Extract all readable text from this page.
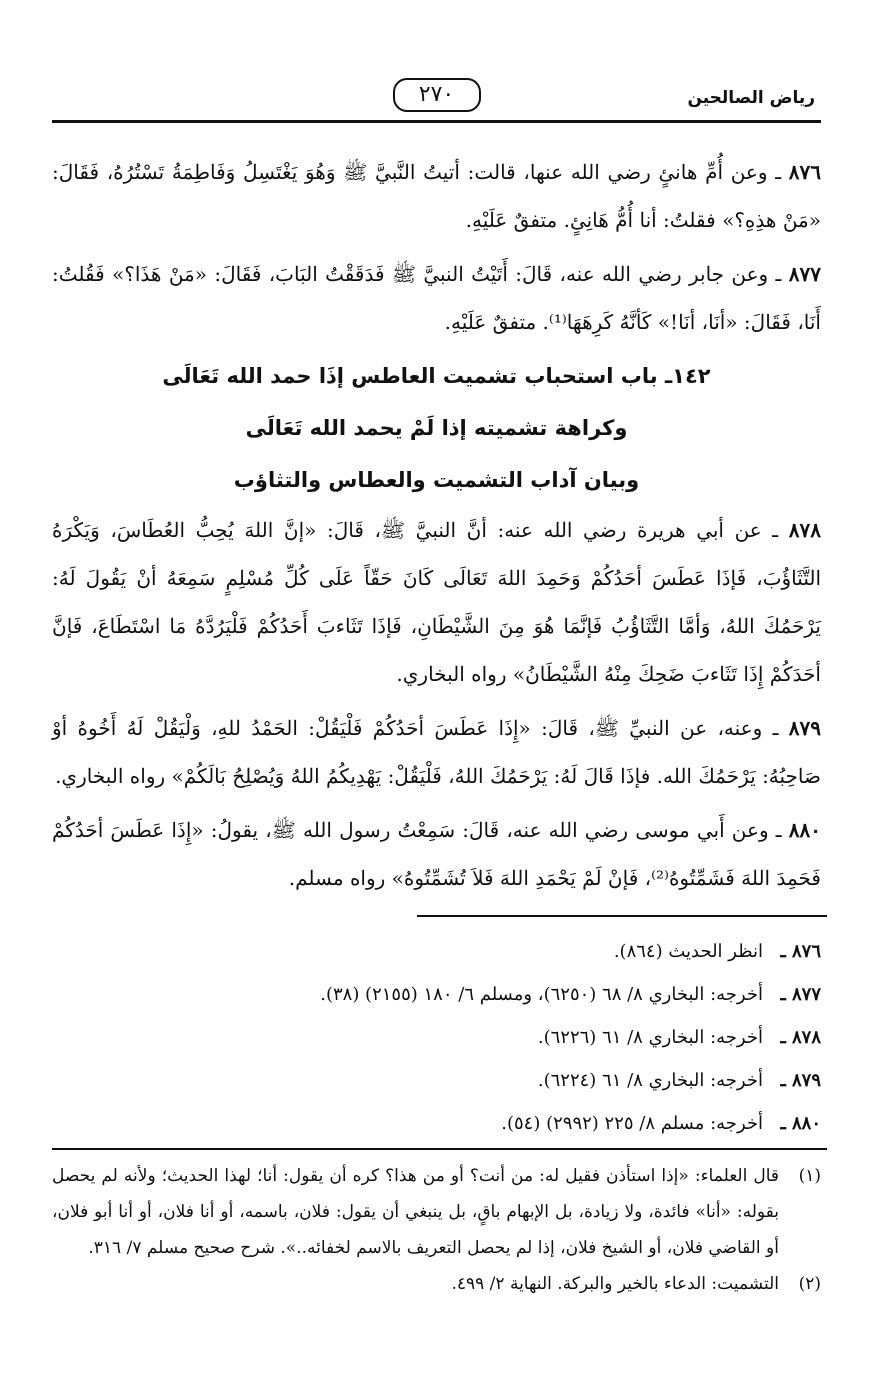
رياض الصالحين
٢٧٠

٨٧٦ ـ وعن أُمِّ هانئٍ رضي الله عنها، قالت: أتيتُ النَّبيَّ ﷺ وَهُوَ يَغْتَسِلُ وَفَاطِمَةُ تَسْتُرُهُ، فَقَالَ: «مَنْ هذِهِ؟» فقلتُ: أنا أُمُّ هَانِئٍ. متفقٌ عَلَيْهِ.

٨٧٧ ـ وعن جابر رضي الله عنه، قَالَ: أَتَيْتُ النبيَّ ﷺ فَدَقَقْتُ البَابَ، فَقَالَ: «مَنْ هَذَا؟» فَقُلتُ: أَنَا، فَقَالَ: «أنَا، أنَا!» كَأنَّهُ كَرِهَهَا⁽¹⁾. متفقٌ عَلَيْهِ.

١٤٢ـ باب استحباب تشميت العاطس إذَا حمد الله تَعَالَى
وكراهة تشميته إذا لَمْ يحمد الله تَعَالَى
وبيان آداب التشميت والعطاس والتثاؤب

٨٧٨ ـ عن أبي هريرة رضي الله عنه: أنَّ النبيَّ ﷺ، قَالَ: «إنَّ اللهَ يُحِبُّ العُطَاسَ، وَيَكْرَهُ التَّثَاؤُبَ، فَإذَا عَطَسَ أحَدُكُمْ وَحَمِدَ اللهَ تَعَالَى كَانَ حَقّاً عَلَى كُلِّ مُسْلِمٍ سَمِعَهُ أنْ يَقُولَ لَهُ: يَرْحَمُكَ اللهُ، وَأمَّا التَّثَاؤُبُ فَإنَّمَا هُوَ مِنَ الشَّيْطَانِ، فَإذَا تَثَاءبَ أَحَدُكُمْ فَلْيَرُدَّهُ مَا اسْتَطَاعَ، فَإنَّ أحَدَكُمْ إِذَا تَثَاءبَ ضَحِكَ مِنْهُ الشَّيْطَانُ» رواه البخاري.

٨٧٩ ـ وعنه، عن النبيِّ ﷺ، قَالَ: «إِذَا عَطَسَ أحَدُكُمْ فَلْيَقُلْ: الحَمْدُ للهِ، وَلْيَقُلْ لَهُ أَخُوهُ أوْ صَاحِبُهُ: يَرْحَمُكَ الله. فإذَا قَالَ لَهُ: يَرْحَمُكَ اللهُ، فَلْيَقُلْ: يَهْدِيكُمُ اللهُ وَيُصْلِحُ بَالَكُمْ» رواه البخاري.

٨٨٠ ـ وعن أَبي موسى رضي الله عنه، قَالَ: سَمِعْتُ رسول الله ﷺ، يقولُ: «إِذَا عَطَسَ أحَدُكُمْ فَحَمِدَ اللهَ فَشَمِّتُوهُ⁽²⁾، فَإنْ لَمْ يَحْمَدِ اللهَ فَلاَ تُشَمِّتُوهُ» رواه مسلم.

٨٧٦ ـ
انظر الحديث (٨٦٤).
٨٧٧ ـ
أخرجه: البخاري ٨/ ٦٨ (٦٢٥٠)، ومسلم ٦/ ١٨٠ (٢١٥٥) (٣٨).
٨٧٨ ـ
أخرجه: البخاري ٨/ ٦١ (٦٢٢٦).
٨٧٩ ـ
أخرجه: البخاري ٨/ ٦١ (٦٢٢٤).
٨٨٠ ـ
أخرجه: مسلم ٨/ ٢٢٥ (٢٩٩٢) (٥٤).
(١)
قال العلماء: «إذا استأذن فقيل له: من أنت؟ أو من هذا؟ كره أن يقول: أنا؛ لهذا الحديث؛ ولأنه لم يحصل بقوله: «أنا» فائدة، ولا زيادة، بل الإبهام باقٍ، بل ينبغي أن يقول: فلان، باسمه، أو أنا فلان، أو أنا أبو فلان، أو القاضي فلان، أو الشيخ فلان، إذا لم يحصل التعريف بالاسم لخفائه..». شرح صحيح مسلم ٧/ ٣١٦.
(٢)
التشميت: الدعاء بالخير والبركة. النهاية ٢/ ٤٩٩.
